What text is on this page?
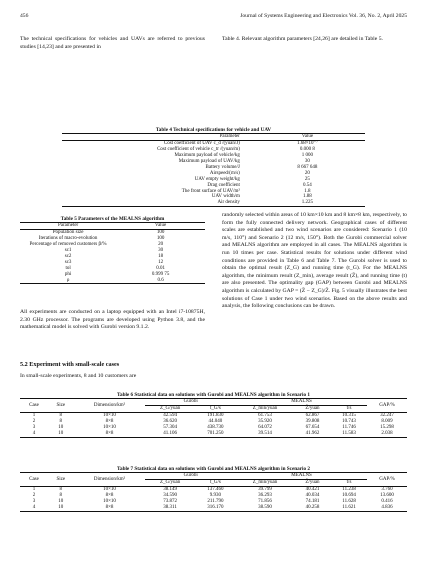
456	Journal of Systems Engineering and Electronics Vol. 36, No. 2, April 2025
The technical specifications for vehicles and UAVs are referred to previous studies [14,23] and are presented in
Table 4. Relevant algorithm parameters [24,26] are detailed in Table 5.
Table 4 Technical specifications for vehicle and UAV
Parameter	Value
Cost coefficient of UAV c_d /(yuan/J)	1.68×10⁻⁷
Cost coefficient of vehicle c_tr /(yuan/m)	0.000 8
Maximum payload of vehicle/kg	1 000
Maximum payload of UAV/kg	30
Battery volume/J	8 667 648
Airspeed/(m/s)	20
UAV empty weight/kg	25
Drag coefficient	0.54
The front surface of UAV/m²	1.8
UAV width/m	1.88
Air density	1.225
Table 5 Parameters of the MEALNS algorithm
Parameter	Value
Population size	100
Iterations of macro-evolution	100
Percentage of removed customers β/%	20
sc1	30
sc2	18
sc3	12
tol	0.01
phi	0.999 75
ρ	0.6
All experiments are conducted on a laptop equipped with an Intel i7-10875H, 2.30 GHz processor. The programs are developed using Python 3.8, and the mathematical model is solved with Gurobi version 9.1.2.
5.2 Experiment with small-scale cases
In small-scale experiments, 8 and 10 customers are
randomly selected within areas of 10 km×10 km and 8 km×8 km, respectively, to form the fully connected delivery network. Geographical cases of different scales are established and two wind scenarios are considered: Scenario 1 (10 m/s, 110°) and Scenario 2 (12 m/s, 150°). Both the Gurobi commercial solver and MEALNS algorithm are employed in all cases. The MEALNS algorithm is run 10 times per case. Statistical results for solutions under different wind conditions are provided in Table 6 and Table 7. The Gurobi solver is used to obtain the optimal result (Z_G) and running time (t_G). For the MEALNS algorithm, the minimum result (Z_min), average result (Z̄), and running time (t) are also presented. The optimality gap (GAP) between Gurobi and MEALNS algorithm is calculated by GAP = (Z̄ − Z_G)/Z̄. Fig. 5 visually illustrates the best solutions of Case 1 under two wind scenarios. Based on the above results and analysis, the following conclusions can be drawn.
Table 6 Statistical data on solutions with Gurobi and MEALNS algorithm in Scenario 1
Case	Size	Dimension/km²	Gurobi		MEALNS			GAP/%
			Z_G/yuan	t_G/s	Z_min/yuan	Z̄/yuan	t/s	
1	8	10×10	42.594	191.830	61.753	62.867	10.315	32.247
2	8	8×8	36.620	44.040	35.920	39.808	10.743	8.009
3	10	10×10	57.304	438.730	64.072	67.654	11.746	15.298
4	10	8×8	41.106	701.250	39.514	41.962	11.583	2.038
Table 7 Statistical data on solutions with Gurobi and MEALNS algorithm in Scenario 2
Case	Size	Dimension/km²	Gurobi		MEALNS			GAP/%
			Z_G/yuan	t_G/s	Z_min/yuan	Z̄/yuan	t/s	
1	8	10×10	38.149	137.460	39.799	40.421	11.238	3.760
2	8	8×8	34.590	9.930	36.293	40.034	10.694	13.600
3	10	10×10	73.872	211.790	71.856	74.181	11.628	0.416
4	10	8×8	38.311	316.170	38.590	40.258	11.621	4.836
